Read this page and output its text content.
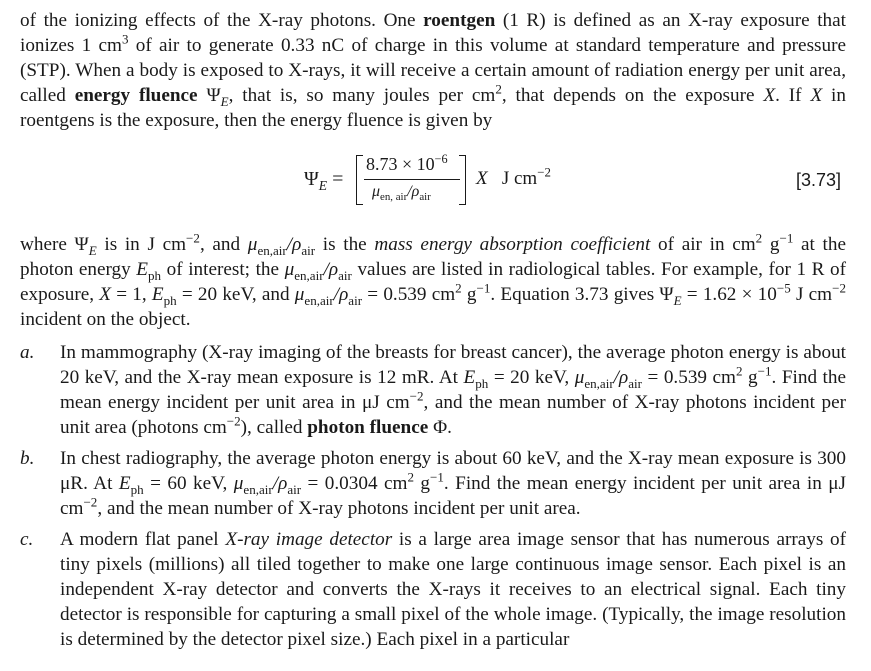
of the ionizing effects of the X-ray photons. One roentgen (1 R) is defined as an X-ray exposure that ionizes 1 $cm^3$ of air to generate 0.33 nC of charge in this volume at standard temperature and pressure (STP). When a body is exposed to X-rays, it will receive a certain amount of radiation energy per unit area, called energy fluence $\Psi_E$, that is, so many joules per $cm^2$, that depends on the exposure X. If X in roentgens is the exposure, then the energy fluence is given by

$\Psi_E$ =
$8.73 \times 10^{-6}$
$\mu_{en, air}/\rho_{air}$
X J $cm^{-2}$	[3.73]

where $\Psi_E$ is in J $cm^{-2}$, and $\mu_{en,air}/\rho_{air}$ is the mass energy absorption coefficient of air in $cm^2$ $g^{-1}$ at the photon energy $E_{ph}$ of interest; the $\mu_{en,air}/\rho_{air}$ values are listed in radiological tables. For example, for 1 R of exposure, X = 1, $E_{ph} = 20$ keV, and $\mu_{en,air}/\rho_{air} = 0.539$ $cm^2$ $g^{-1}$. Equation 3.73 gives $\Psi_E = 1.62 \times 10^{-5}$ J $cm^{-2}$ incident on the object.

a. In mammography (X-ray imaging of the breasts for breast cancer), the average photon energy is about 20 keV, and the X-ray mean exposure is 12 mR. At $E_{ph} = 20$ keV, $\mu_{en,air}/\rho_{air} = 0.539$ $cm^2$ $g^{-1}$. Find the mean energy incident per unit area in μJ $cm^{-2}$, and the mean number of X-ray photons incident per unit area (photons $cm^{-2}$), called photon fluence Φ.

b. In chest radiography, the average photon energy is about 60 keV, and the X-ray mean exposure is 300 μR. At $E_{ph} = 60$ keV, $\mu_{en,air}/\rho_{air} = 0.0304$ $cm^2$ $g^{-1}$. Find the mean energy incident per unit area in μJ $cm^{-2}$, and the mean number of X-ray photons incident per unit area.

c. A modern flat panel X-ray image detector is a large area image sensor that has numerous arrays of tiny pixels (millions) all tiled together to make one large continuous image sensor. Each pixel is an independent X-ray detector and converts the X-rays it receives to an electrical signal. Each tiny detector is responsible for capturing a small pixel of the whole image. (Typically, the image resolution is determined by the detector pixel size.) Each pixel in a particular
